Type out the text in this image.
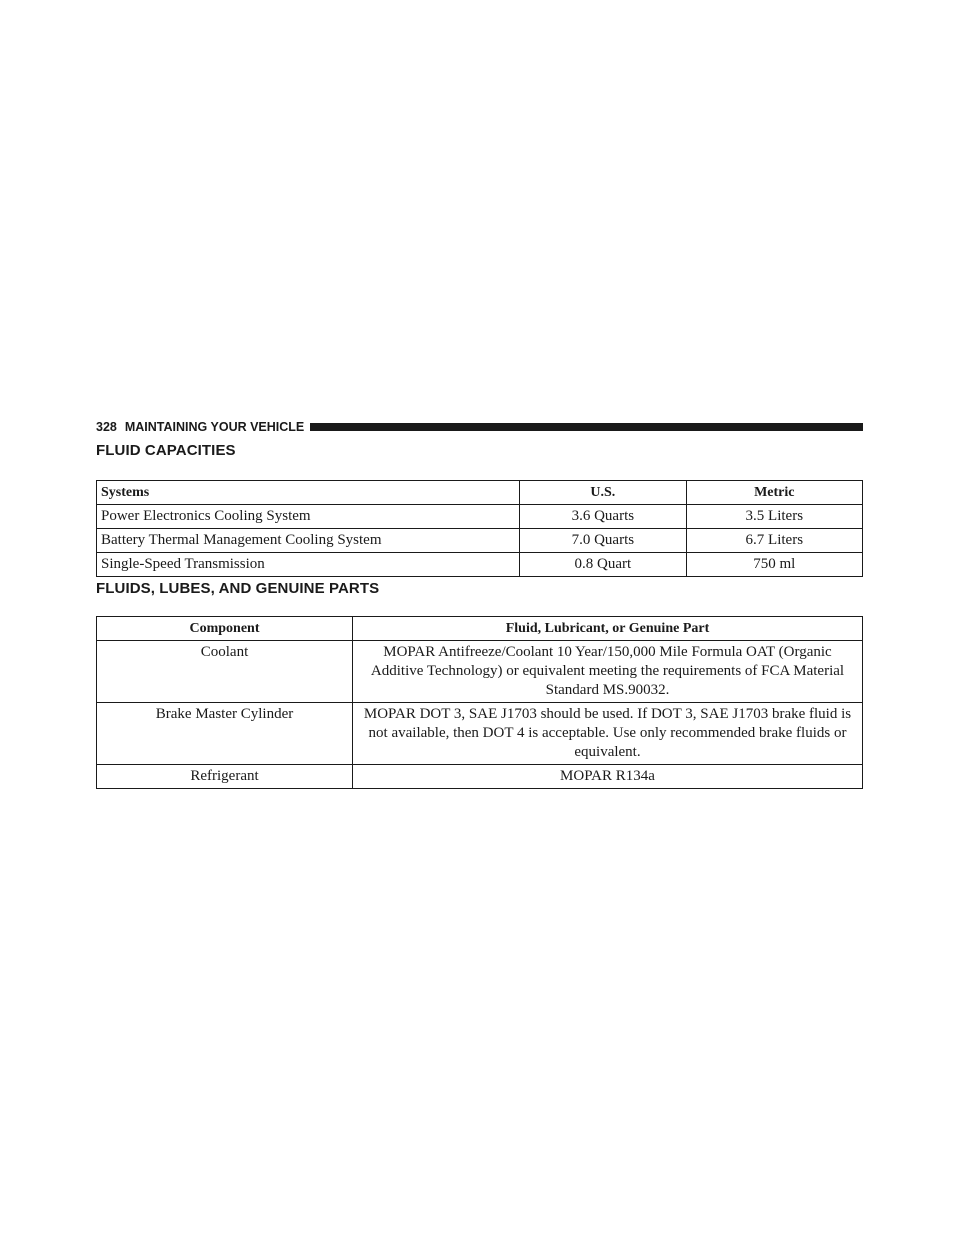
328 MAINTAINING YOUR VEHICLE
FLUID CAPACITIES
Systems	U.S.	Metric
Power Electronics Cooling System	3.6 Quarts	3.5 Liters
Battery Thermal Management Cooling System	7.0 Quarts	6.7 Liters
Single-Speed Transmission	0.8 Quart	750 ml
FLUIDS, LUBES, AND GENUINE PARTS
Component	Fluid, Lubricant, or Genuine Part
Coolant	MOPAR Antifreeze/Coolant 10 Year/150,000 Mile Formula OAT (Organic Additive Technology) or equivalent meeting the requirements of FCA Material Standard MS.90032.
Brake Master Cylinder	MOPAR DOT 3, SAE J1703 should be used. If DOT 3, SAE J1703 brake fluid is not available, then DOT 4 is acceptable. Use only recommended brake fluids or equivalent.
Refrigerant	MOPAR R134a
